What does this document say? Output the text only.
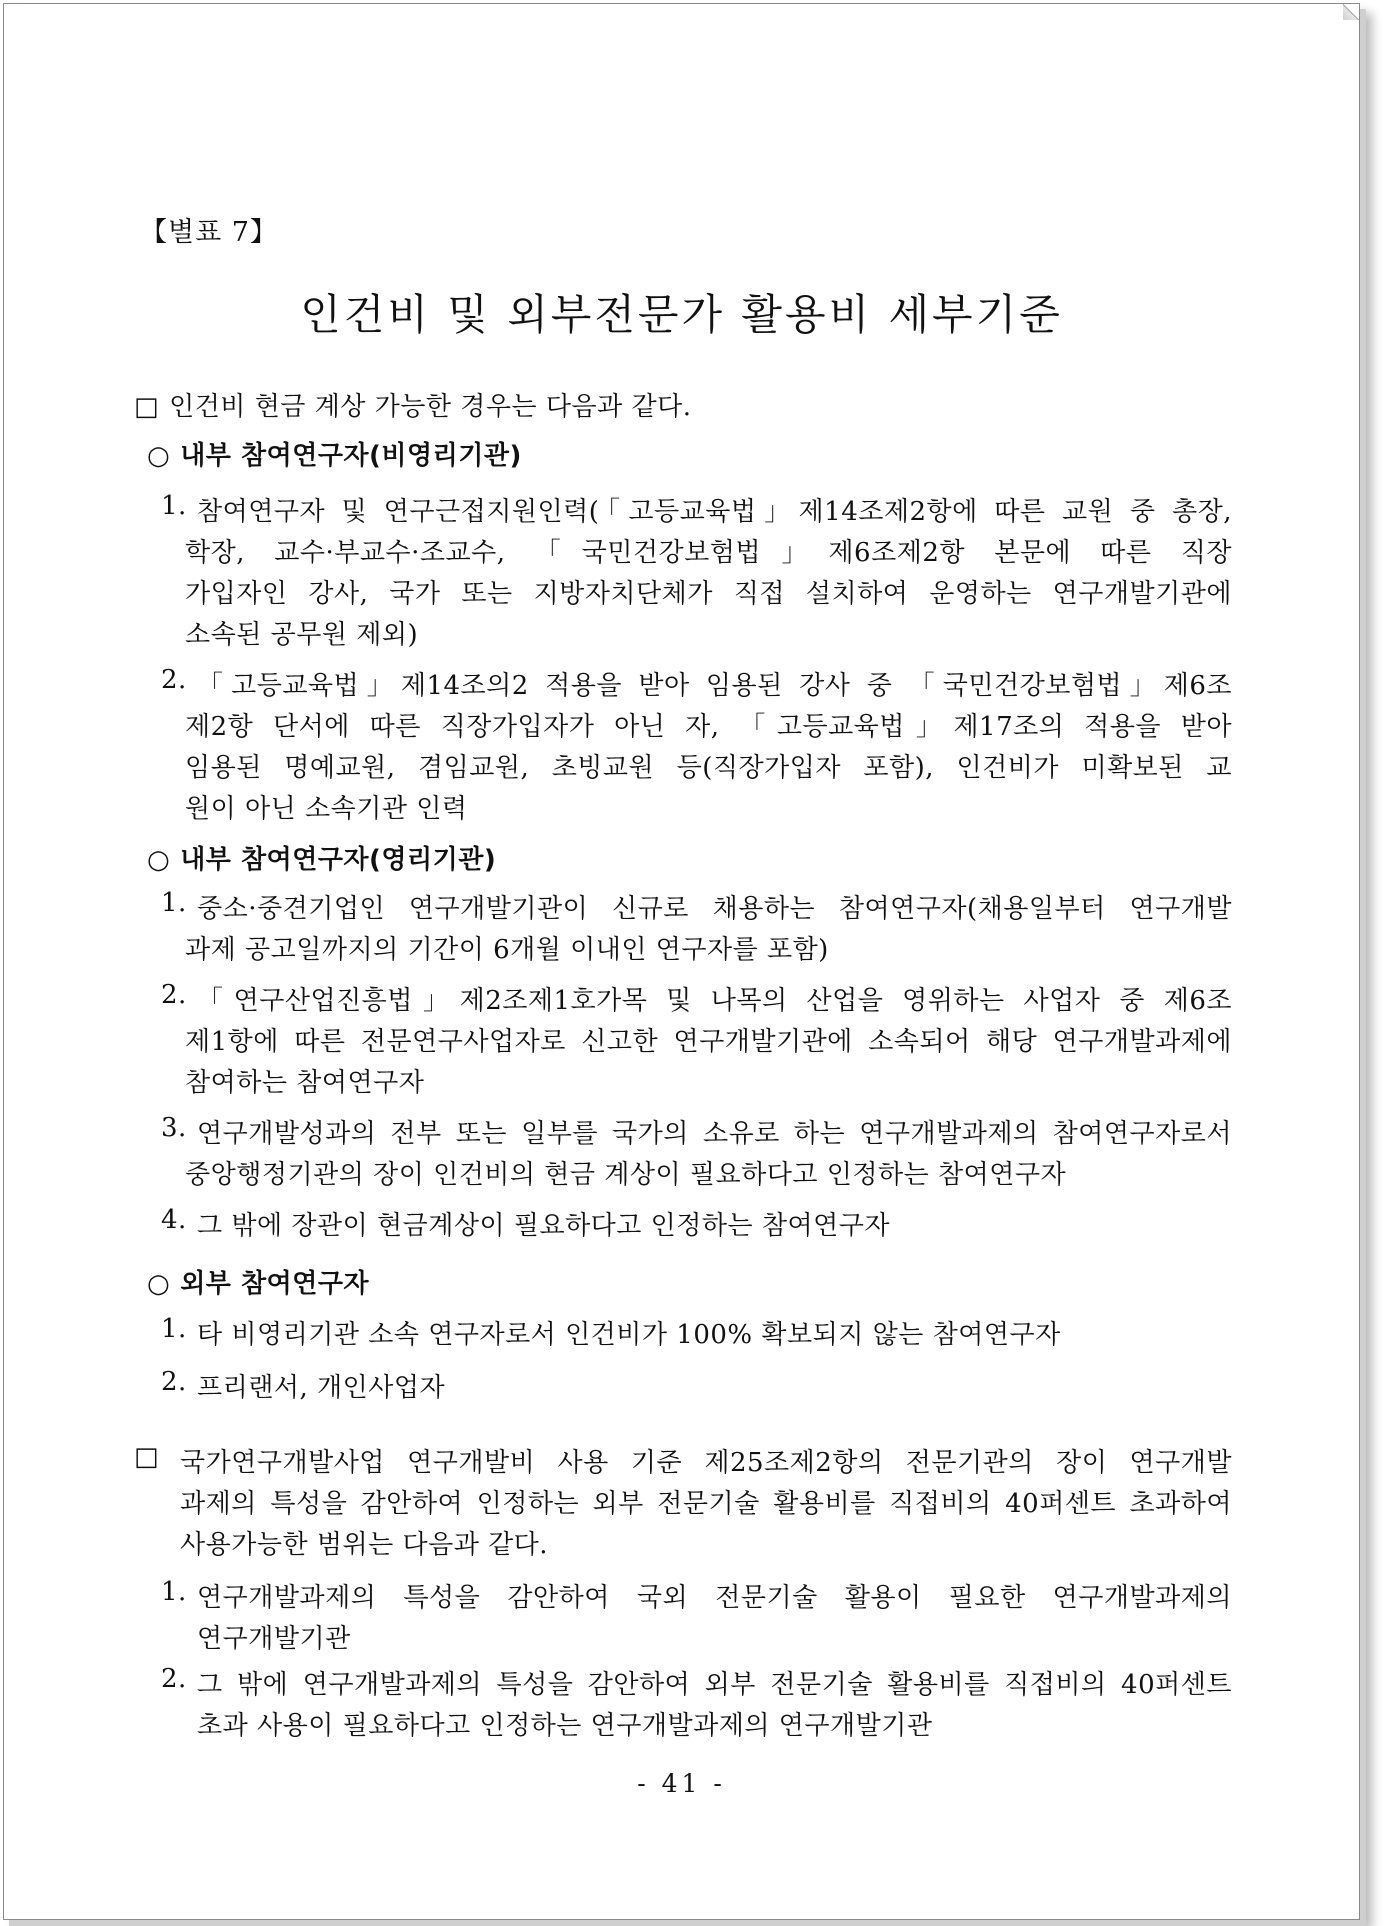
【별표 7】
인건비 및 외부전문가 활용비 세부기준
□ 인건비 현금 계상 가능한 경우는 다음과 같다.
○ 내부 참여연구자(비영리기관)
1. 참여연구자 및 연구근접지원인력(「고등교육법」제14조제2항에 따른 교원 중 총장,
학장, 교수·부교수·조교수, 「국민건강보험법」제6조제2항 본문에 따른 직장
가입자인 강사, 국가 또는 지방자치단체가 직접 설치하여 운영하는 연구개발기관에
소속된 공무원 제외)
2. 「고등교육법」제14조의2 적용을 받아 임용된 강사 중 「국민건강보험법」제6조
제2항 단서에 따른 직장가입자가 아닌 자, 「고등교육법」제17조의 적용을 받아
임용된 명예교원, 겸임교원, 초빙교원 등(직장가입자 포함), 인건비가 미확보된 교
원이 아닌 소속기관 인력
○ 내부 참여연구자(영리기관)
1. 중소·중견기업인 연구개발기관이 신규로 채용하는 참여연구자(채용일부터 연구개발
과제 공고일까지의 기간이 6개월 이내인 연구자를 포함)
2. 「연구산업진흥법」제2조제1호가목 및 나목의 산업을 영위하는 사업자 중 제6조
제1항에 따른 전문연구사업자로 신고한 연구개발기관에 소속되어 해당 연구개발과제에
참여하는 참여연구자
3. 연구개발성과의 전부 또는 일부를 국가의 소유로 하는 연구개발과제의 참여연구자로서
중앙행정기관의 장이 인건비의 현금 계상이 필요하다고 인정하는 참여연구자
4. 그 밖에 장관이 현금계상이 필요하다고 인정하는 참여연구자
○ 외부 참여연구자
1. 타 비영리기관 소속 연구자로서 인건비가 100% 확보되지 않는 참여연구자
2. 프리랜서, 개인사업자
□ 국가연구개발사업 연구개발비 사용 기준 제25조제2항의 전문기관의 장이 연구개발
과제의 특성을 감안하여 인정하는 외부 전문기술 활용비를 직접비의 40퍼센트 초과하여
사용가능한 범위는 다음과 같다.
1. 연구개발과제의 특성을 감안하여 국외 전문기술 활용이 필요한 연구개발과제의
연구개발기관
2. 그 밖에 연구개발과제의 특성을 감안하여 외부 전문기술 활용비를 직접비의 40퍼센트
초과 사용이 필요하다고 인정하는 연구개발과제의 연구개발기관
- 41 -
